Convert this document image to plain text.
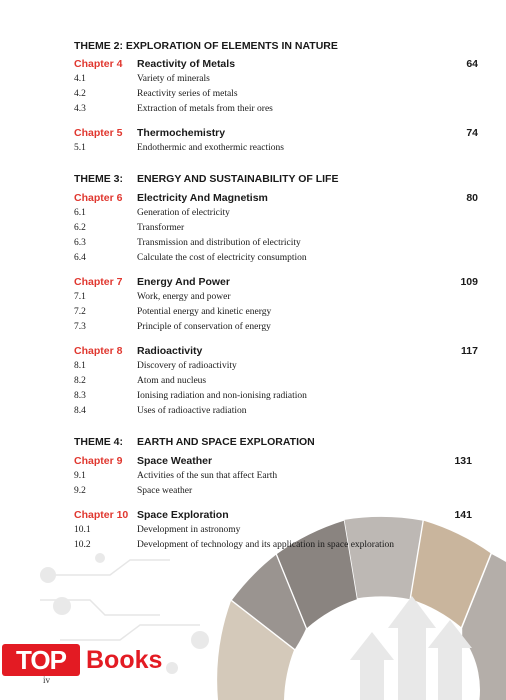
THEME 2: EXPLORATION OF ELEMENTS IN NATURE
Chapter 4 Reactivity of Metals	64
4.1	Variety of minerals
4.2	Reactivity series of metals
4.3	Extraction of metals from their ores
Chapter 5 Thermochemistry	74
5.1	Endothermic and exothermic reactions
THEME 3: ENERGY AND SUSTAINABILITY OF LIFE
Chapter 6 Electricity And Magnetism	80
6.1	Generation of electricity
6.2	Transformer
6.3	Transmission and distribution of electricity
6.4	Calculate the cost of electricity consumption
Chapter 7 Energy And Power	109
7.1	Work, energy and power
7.2	Potential energy and kinetic energy
7.3	Principle of conservation of energy
Chapter 8 Radioactivity	117
8.1	Discovery of radioactivity
8.2	Atom and nucleus
8.3	Ionising radiation and non-ionising radiation
8.4	Uses of radioactive radiation
THEME 4: EARTH AND SPACE EXPLORATION
Chapter 9 Space Weather	131
9.1	Activities of the sun that affect Earth
9.2	Space weather
Chapter 10 Space Exploration	141
10.1	Development in astronomy
10.2	Development of technology and its application in space exploration
TOP Books
iv
